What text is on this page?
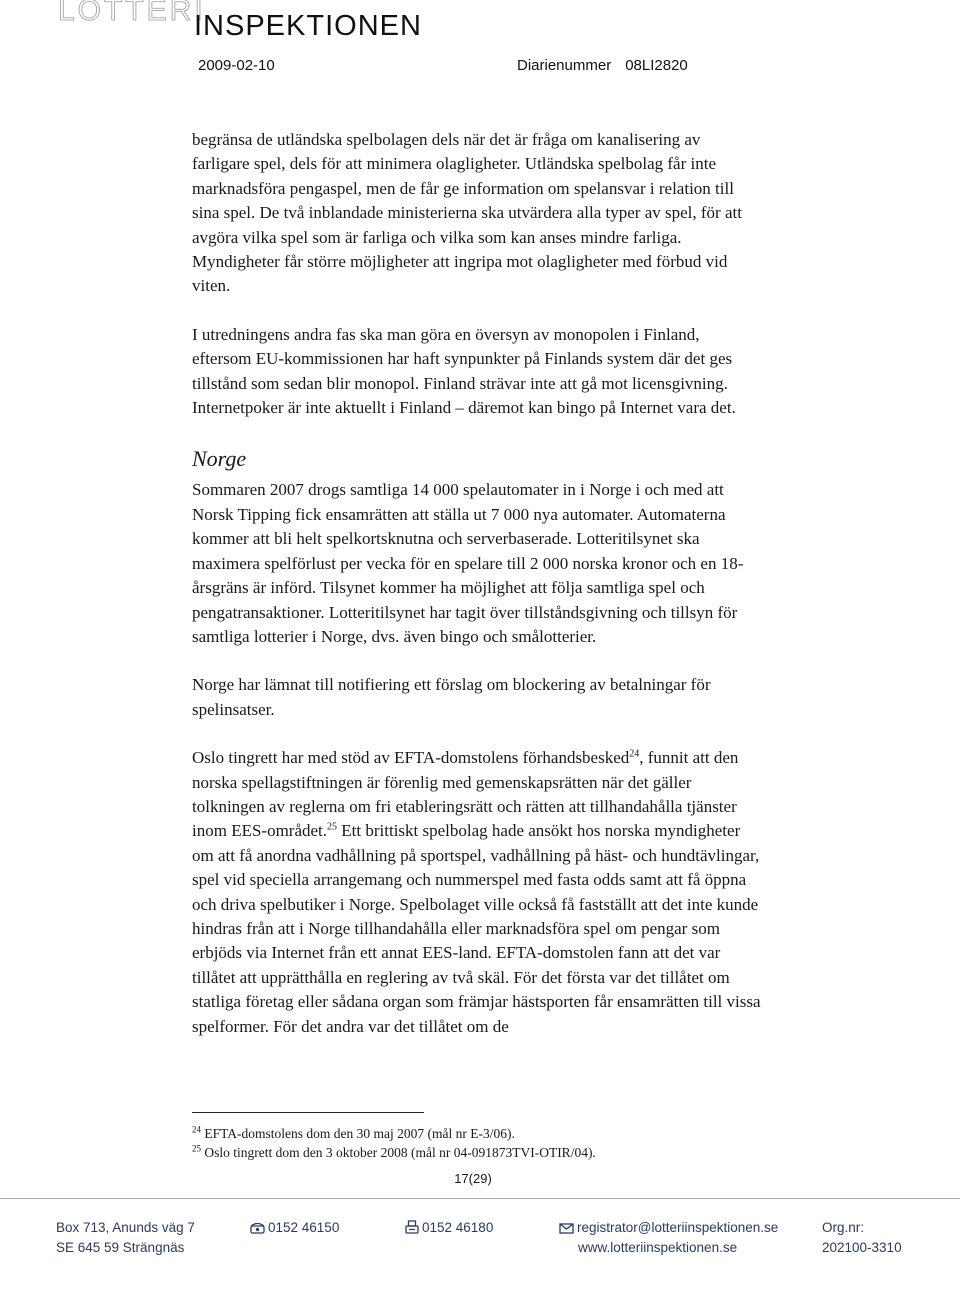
LOTTERI
INSPEKTIONEN
2009-02-10	Diarienummer 08LI2820

begränsa de utländska spelbolagen dels när det är fråga om kanalisering av farligare spel, dels för att minimera olagligheter. Utländska spelbolag får inte marknadsföra pengaspel, men de får ge information om spelansvar i relation till sina spel. De två inblandade ministerierna ska utvärdera alla typer av spel, för att avgöra vilka spel som är farliga och vilka som kan anses mindre farliga. Myndigheter får större möjligheter att ingripa mot olagligheter med förbud vid viten.

I utredningens andra fas ska man göra en översyn av monopolen i Finland, eftersom EU-kommissionen har haft synpunkter på Finlands system där det ges tillstånd som sedan blir monopol. Finland strävar inte att gå mot licensgivning. Internetpoker är inte aktuellt i Finland – däremot kan bingo på Internet vara det.

Norge

Sommaren 2007 drogs samtliga 14 000 spelautomater in i Norge i och med att Norsk Tipping fick ensamrätten att ställa ut 7 000 nya automater. Automaterna kommer att bli helt spelkortsknutna och serverbaserade. Lotteritilsynet ska maximera spelförlust per vecka för en spelare till 2 000 norska kronor och en 18-årsgräns är införd. Tilsynet kommer ha möjlighet att följa samtliga spel och pengatransaktioner. Lotteritilsynet har tagit över tillståndsgivning och tillsyn för samtliga lotterier i Norge, dvs. även bingo och smålotterier.

Norge har lämnat till notifiering ett förslag om blockering av betalningar för spelinsatser.

Oslo tingrett har med stöd av EFTA-domstolens förhandsbesked$^{24}$, funnit att den norska spellagstiftningen är förenlig med gemenskapsrätten när det gäller tolkningen av reglerna om fri etableringsrätt och rätten att tillhandahålla tjänster inom EES-området.$^{25}$ Ett brittiskt spelbolag hade ansökt hos norska myndigheter om att få anordna vadhållning på sportspel, vadhållning på häst- och hundtävlingar, spel vid speciella arrangemang och nummerspel med fasta odds samt att få öppna och driva spelbutiker i Norge. Spelbolaget ville också få fastställt att det inte kunde hindras från att i Norge tillhandahålla eller marknadsföra spel om pengar som erbjöds via Internet från ett annat EES-land. EFTA-domstolen fann att det var tillåtet att upprätthålla en reglering av två skäl. För det första var det tillåtet om statliga företag eller sådana organ som främjar hästsporten får ensamrätten till vissa spelformer. För det andra var det tillåtet om de

$^{24}$ EFTA-domstolens dom den 30 maj 2007 (mål nr E-3/06).
$^{25}$ Oslo tingrett dom den 3 oktober 2008 (mål nr 04-091873TVI-OTIR/04).
17(29)
Box 713, Anunds väg 7
SE 645 59 Strängnäs
0152 46150	0152 46180	registrator@lotteriinspektionen.se
www.lotteriinspektionen.se
Org.nr:
202100-3310
